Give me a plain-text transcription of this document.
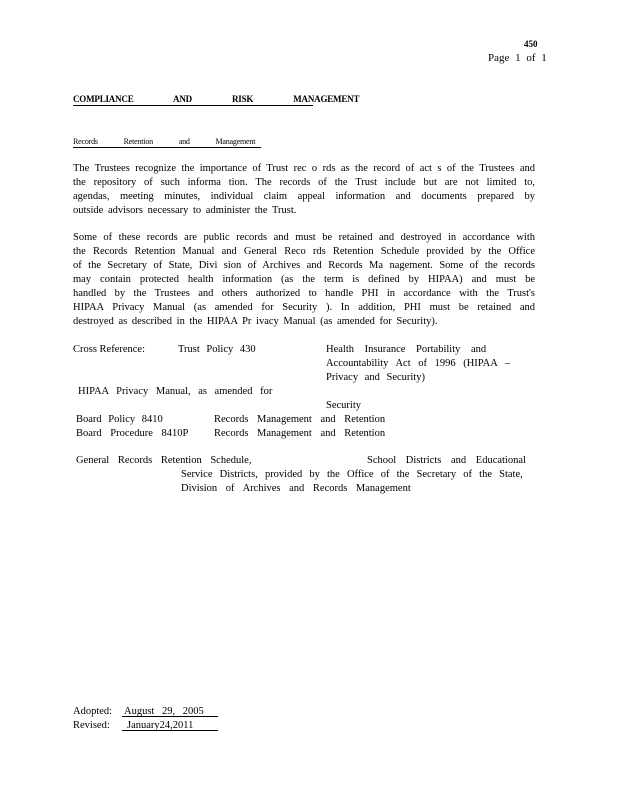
450
Page 1 of 1
COMPLIANCE AND RISK MANAGEMENT
Records Retention and Management
The Trustees recognize the importance of Trust rec o rds as the record of act s of the Trustees and
the repository of such informa tion. The records of the Trust include but are not limited to,
agendas, meeting minutes, individual claim appeal information and documents prepared by
outside advisors necessary to administer the Trust.
Some of these records are public records and must be retained and destroyed in accordance with
the Records Retention Manual and General Reco rds Retention Schedule provided by the Office
of the Secretary of State, Divi sion of Archives and Records Ma nagement. Some of the records
may contain protected health information (as the term is defined by HIPAA) and must be
handled by the Trustees and others authorized to handle PHI in accordance with the Trust's
HIPAA Privacy Manual (as amended for Security ). In addition, PHI must be retained and
destroyed as described in the HIPAA Pr ivacy Manual (as amended for Security).
Cross Reference:	Trust Policy 430	Health Insurance Portability and
Accountability Act of 1996 (HIPAA –
Privacy and Security)
HIPAA Privacy Manual, as amended for
Security
Board Policy 8410	Records Management and Retention
Board Procedure 8410P Records Management and Retention
General Records Retention Schedule,	School Districts and Educational
Service Districts, provided by the Office of the Secretary of the State,
Division of Archives and Records Management
Adopted: August 29, 2005
Revised: January24,2011
